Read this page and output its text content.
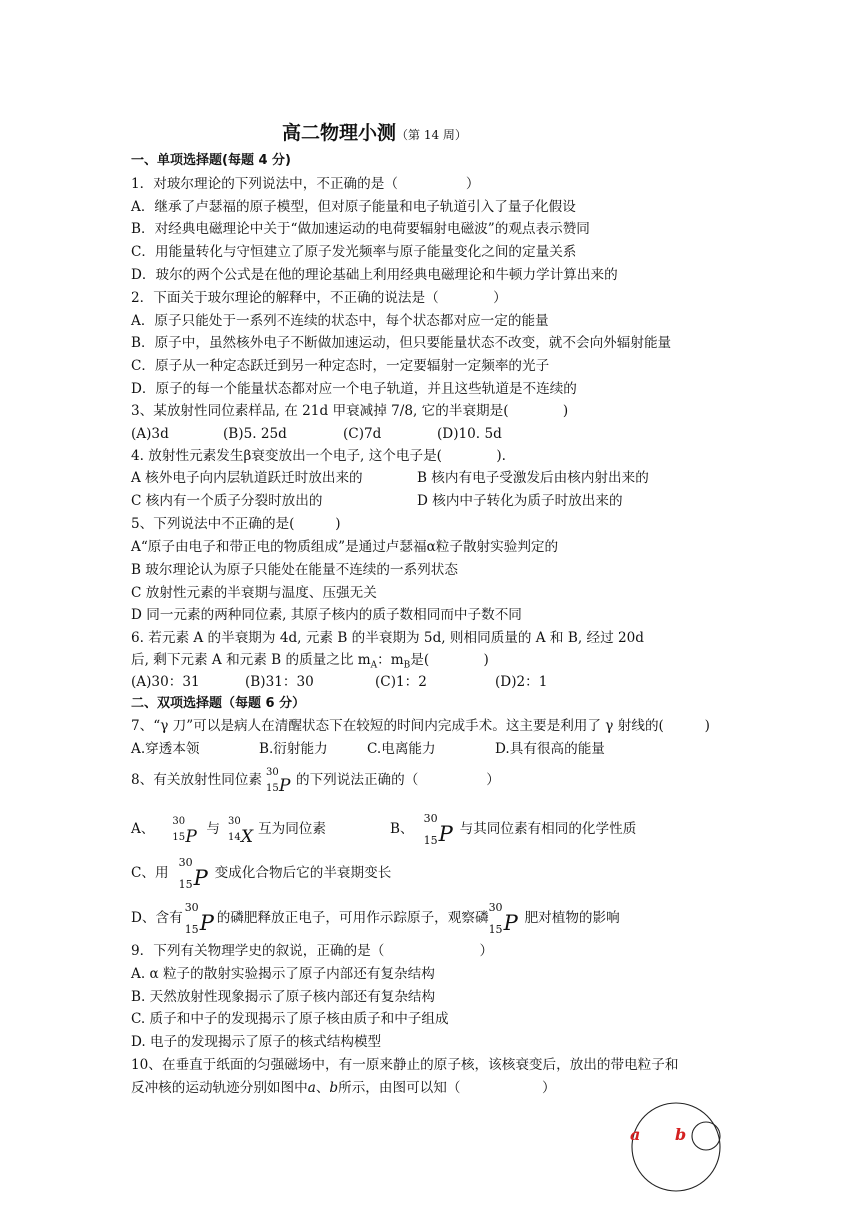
高二物理小测（第 14 周）
一、单项选择题(每题 4 分)
1．对玻尔理论的下列说法中，不正确的是（　　　　　）
A．继承了卢瑟福的原子模型，但对原子能量和电子轨道引入了量子化假设
B．对经典电磁理论中关于“做加速运动的电荷要辐射电磁波”的观点表示赞同
C．用能量转化与守恒建立了原子发光频率与原子能量变化之间的定量关系
D．玻尔的两个公式是在他的理论基础上利用经典电磁理论和牛顿力学计算出来的
2．下面关于玻尔理论的解释中，不正确的说法是（　　　　）
A．原子只能处于一系列不连续的状态中，每个状态都对应一定的能量
B．原子中，虽然核外电子不断做加速运动，但只要能量状态不改变，就不会向外辐射能量
C．原子从一种定态跃迁到另一种定态时，一定要辐射一定频率的光子
D．原子的每一个能量状态都对应一个电子轨道，并且这些轨道是不连续的
3、某放射性同位素样品, 在 21d 甲衰减掉 7/8, 它的半衰期是(　　　　)
(A)3d	(B)5. 25d	(C)7d	(D)10. 5d
4. 放射性元素发生β衰变放出一个电子, 这个电子是(　　　　).
A 核外电子向内层轨道跃迁时放出来的	B 核内有电子受激发后由核内射出来的
C 核内有一个质子分裂时放出的	D 核内中子转化为质子时放出来的
5、下列说法中不正确的是(　　　)
A“原子由电子和带正电的物质组成”是通过卢瑟福α粒子散射实验判定的
B 玻尔理论认为原子只能处在能量不连续的一系列状态
C 放射性元素的半衰期与温度、压强无关
D 同一元素的两种同位素, 其原子核内的质子数相同而中子数不同
6. 若元素 A 的半衰期为 4d, 元素 B 的半衰期为 5d, 则相同质量的 A 和 B, 经过 20d
后, 剩下元素 A 和元素 B 的质量之比 $m_A$：$m_B$是(　　　　)
(A)30：31	(B)31：30	(C)1：2	(D)2：1
二、双项选择题（每题 6 分）
7、“γ 刀”可以是病人在清醒状态下在较短的时间内完成手术。这主要是利用了 γ 射线的(　　　)
A.穿透本领	B.衍射能力	C.电离能力	D.具有很高的能量
8、有关放射性同位素 30
15 P 的下列说法正确的（　　　　　）
A、 30
15 P 与 30
14 X 互为同位素	B、
30
15 P 与其同位素有相同的化学性质
C、用
30
15 P 变成化合物后它的半衰期变长
D、含有
30
15 P 的磷肥释放正电子，可用作示踪原子，观察磷
30
15 P 肥对植物的影响
9．下列有关物理学史的叙说，正确的是（　　　　　　　）
A. α 粒子的散射实验揭示了原子内部还有复杂结构
B. 天然放射性现象揭示了原子核内部还有复杂结构
C. 质子和中子的发现揭示了原子核由质子和中子组成
D. 电子的发现揭示了原子的核式结构模型
10、在垂直于纸面的匀强磁场中，有一原来静止的原子核，该核衰变后，放出的带电粒子和
反冲核的运动轨迹分别如图中a、b所示，由图可以知（　　　　　　）
a b
